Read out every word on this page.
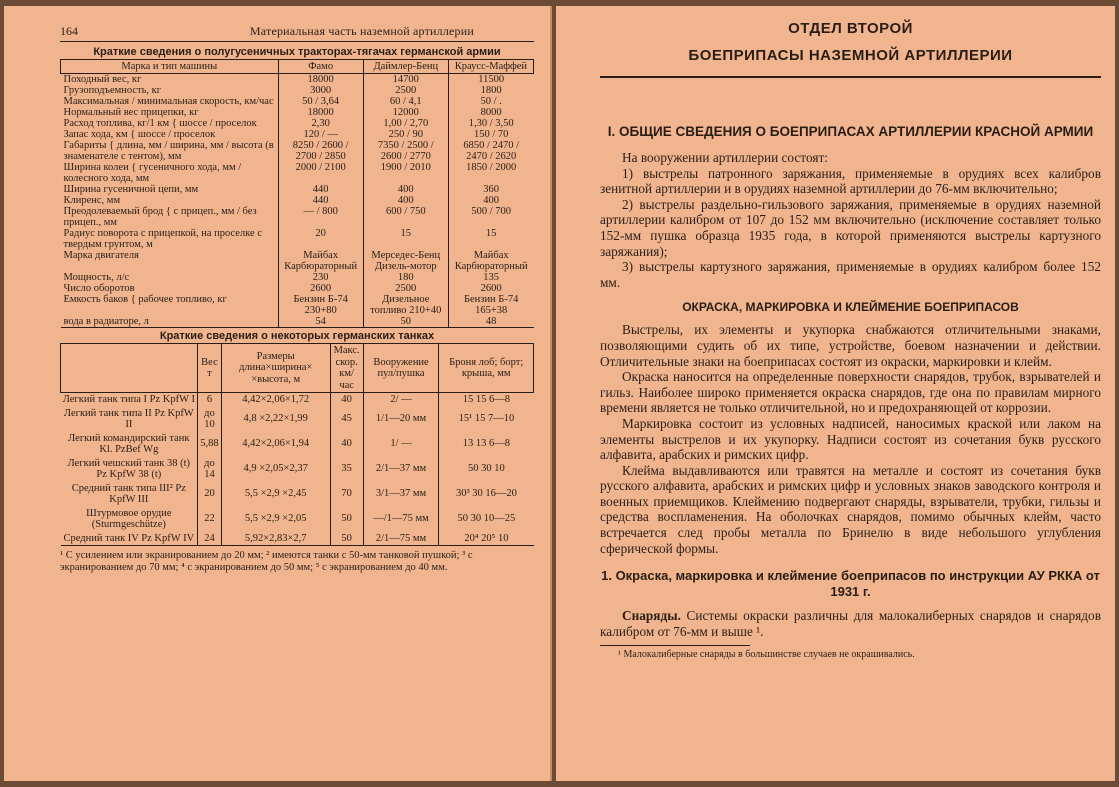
164	Материальная часть наземной артиллерии
Краткие сведения о полугусеничных тракторах-тягачах германской армии
Марка и тип машины	Фамо	Даймлер-Бенц	Краусс-Маффей
Походный вес, кг	18000	14700	11500
Грузоподъемность, кг	3000	2500	1800
Максимальная / минимальная скорость, км/час	50 / 3,64	60 / 4,1	50 / .
Нормальный вес прицепки, кг	18000	12000	8000
Расход топлива, кг/1 км { шоссе / проселок	2,30	1,00 / 2,70	1,30 / 3,50
Запас хода, км { шоссе / проселок	120 / —	250 / 90	150 / 70
Габариты { длина, мм / ширина, мм / высота (в знаменателе с тентом), мм	8250 / 2600 / 2700 / 2850	7350 / 2500 / 2600 / 2770	6850 / 2470 / 2470 / 2620
Ширина колеи { гусеничного хода, мм / колесного хода, мм	2000 / 2100	1900 / 2010	1850 / 2000
Ширина гусеничной цепи, мм	440	400	360
Клиренс, мм	440	400	400
Преодолеваемый брод { с прицеп., мм / без прицеп., мм	— / 800	600 / 750	500 / 700
Радиус поворота с прицепкой, на проселке с твердым грунтом, м	20	15	15
Марка двигателя	Майбах Карбюраторный	Мерседес-Бенц Дизель-мотор	Майбах Карбюраторный
Мощность, л/с	230	180	135
Число оборотов	2600	2500	2600
Емкость баков { рабочее топливо, кг	Бензин Б-74 230+80	Дизельное топливо 210+40	Бензин Б-74 165+38
вода в радиаторе, л	54	50	48
Краткие сведения о некоторых германских танках
	Вес т	Размеры длина×ширина× ×высота, м	Макс. скор. км/час	Вооружение пул/пушка	Броня лоб; борт; крыша, мм
Легкий танк типа I Pz KpfW I	6	4,42×2,06×1,72	40	2/ —	15 15 6—8
Легкий танк типа II Pz KpfW II	до 10	4,8 ×2,22×1,99	45	1/1—20 мм	15¹ 15 7—10
Легкий командирский танк Kl. PzBef Wg	5,88	4,42×2,06×1,94	40	1/ —	13 13 6—8
Легкий чешский танк 38 (t) Pz KpfW 38 (t)	до 14	4,9 ×2,05×2,37	35	2/1—37 мм	50 30 10
Средний танк типа III² Pz KpfW III	20	5,5 ×2,9 ×2,45	70	3/1—37 мм	30³ 30 16—20
Штурмовое орудие (Sturmgeschütze)	22	5,5 ×2,9 ×2,05	50	—/1—75 мм	50 30 10—25
Средний танк IV Pz KpfW IV	24	5,92×2,83×2,7	50	2/1—75 мм	20⁴ 20⁵ 10
¹ С усилением или экранированием до 20 мм; ² имеются танки с 50-мм танковой пушкой; ³ с экранированием до 70 мм; ⁴ с экранированием до 50 мм; ⁵ с экранированием до 40 мм.
ОТДЕЛ ВТОРОЙ
БОЕПРИПАСЫ НАЗЕМНОЙ АРТИЛЛЕРИИ
I. ОБЩИЕ СВЕДЕНИЯ О БОЕПРИПАСАХ АРТИЛЛЕРИИ КРАСНОЙ АРМИИ

На вооружении артиллерии состоят:

1) выстрелы патронного заряжания, применяемые в орудиях всех калибров зенитной артиллерии и в орудиях наземной артиллерии до 76-мм включительно;

2) выстрелы раздельно-гильзового заряжания, применяемые в орудиях наземной артиллерии калибром от 107 до 152 мм включительно (исключение составляет только 152-мм пушка образца 1935 года, в которой применяются выстрелы картузного заряжания);

3) выстрелы картузного заряжания, применяемые в орудиях калибром более 152 мм.

ОКРАСКА, МАРКИРОВКА И КЛЕЙМЕНИЕ БОЕПРИПАСОВ

Выстрелы, их элементы и укупорка снабжаются отличительными знаками, позволяющими судить об их типе, устройстве, боевом назначении и действии. Отличительные знаки на боеприпасах состоят из окраски, маркировки и клейм.

Окраска наносится на определенные поверхности снарядов, трубок, взрывателей и гильз. Наиболее широко применяется окраска снарядов, где она по правилам мирного времени является не только отличительной, но и предохраняющей от коррозии.

Маркировка состоит из условных надписей, наносимых краской или лаком на элементы выстрелов и их укупорку. Надписи состоят из сочетания букв русского алфавита, арабских и римских цифр.

Клейма выдавливаются или травятся на металле и состоят из сочетания букв русского алфавита, арабских и римских цифр и условных знаков заводского контроля и военных приемщиков. Клеймению подвергают снаряды, взрыватели, трубки, гильзы и средства воспламенения. На оболочках снарядов, помимо обычных клейм, часто встречается след пробы металла по Бринелю в виде небольшого углубления сферической формы.

1. Окраска, маркировка и клеймение боеприпасов по инструкции АУ РККА от 1931 г.

Снаряды. Системы окраски различны для малокалиберных снарядов и снарядов калибром от 76-мм и выше ¹.

¹ Малокалиберные снаряды в большинстве случаев не окрашивались.
